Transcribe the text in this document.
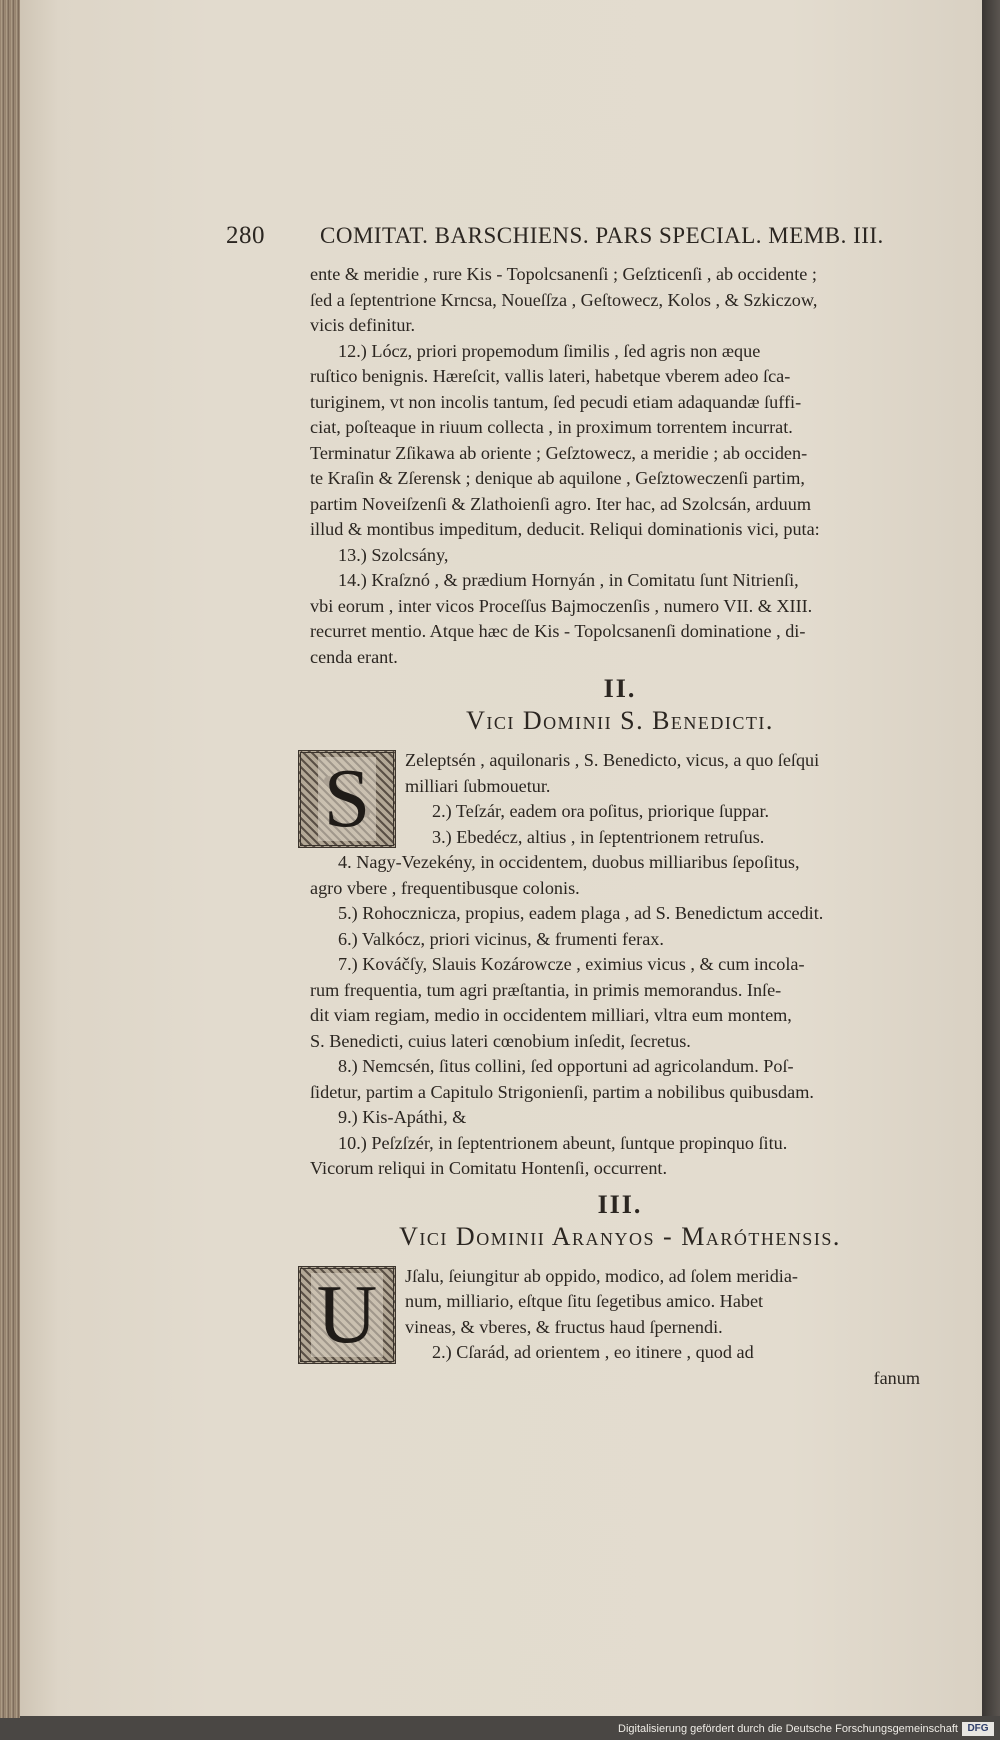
280 COMITAT. BARSCHIENS. PARS SPECIAL. MEMB. III.
ente & meridie , rure Kis - Topolcsanenſi ; Geſzticenſi , ab occidente ;
ſed a ſeptentrione Krncsa, Noueſſza , Geſtowecz, Kolos , & Szkiczow,
vicis definitur.
12.) Lócz, priori propemodum ſimilis , ſed agris non æque
ruſtico benignis. Hæreſcit, vallis lateri, habetque vberem adeo ſca-
turiginem, vt non incolis tantum, ſed pecudi etiam adaquandæ ſuffi-
ciat, poſteaque in riuum collecta , in proximum torrentem incurrat.
Terminatur Zſikawa ab oriente ; Geſztowecz, a meridie ; ab occiden-
te Kraſin & Zſerensk ; denique ab aquilone , Geſztoweczenſi partim,
partim Noveiſzenſi & Zlathoienſi agro. Iter hac, ad Szolcsán, arduum
illud & montibus impeditum, deducit. Reliqui dominationis vici, puta:
13.) Szolcsány,
14.) Kraſznó , & prædium Hornyán , in Comitatu ſunt Nitrienſi,
vbi eorum , inter vicos Proceſſus Bajmoczenſis , numero VII. & XIII.
recurret mentio. Atque hæc de Kis - Topolcsanenſi dominatione , di-
cenda erant.
II.
Vici Dominii S. Benedicti.
S	Zeleptsén , aquilonaris , S. Benedicto, vicus, a quo ſeſqui
milliari ſubmouetur.
2.) Teſzár, eadem ora poſitus, priorique ſuppar.
3.) Ebedécz, altius , in ſeptentrionem retruſus.
4. Nagy-Vezekény, in occidentem, duobus milliaribus ſepoſitus,
agro vbere , frequentibusque colonis.
5.) Rohocznicza, propius, eadem plaga , ad S. Benedictum accedit.
6.) Valkócz, priori vicinus, & frumenti ferax.
7.) Kováčſy, Slauis Kozárowcze , eximius vicus , & cum incola-
rum frequentia, tum agri præſtantia, in primis memorandus. Inſe-
dit viam regiam, medio in occidentem milliari, vltra eum montem,
S. Benedicti, cuius lateri cœnobium inſedit, ſecretus.
8.) Nemcsén, ſitus collini, ſed opportuni ad agricolandum. Poſ-
ſidetur, partim a Capitulo Strigonienſi, partim a nobilibus quibusdam.
9.) Kis-Apáthi, &
10.) Peſzſzér, in ſeptentrionem abeunt, ſuntque propinquo ſitu.
Vicorum reliqui in Comitatu Hontenſi, occurrent.
III.
Vici Dominii Aranyos - Maróthensis.
U	Jſalu, ſeiungitur ab oppido, modico, ad ſolem meridia-
num, milliario, eſtque ſitu ſegetibus amico. Habet
vineas, & vberes, & fructus haud ſpernendi.
2.) Cſarád, ad orientem , eo itinere , quod ad
fanum
Digitalisierung gefördert durch die Deutsche Forschungsgemeinschaft DFG
